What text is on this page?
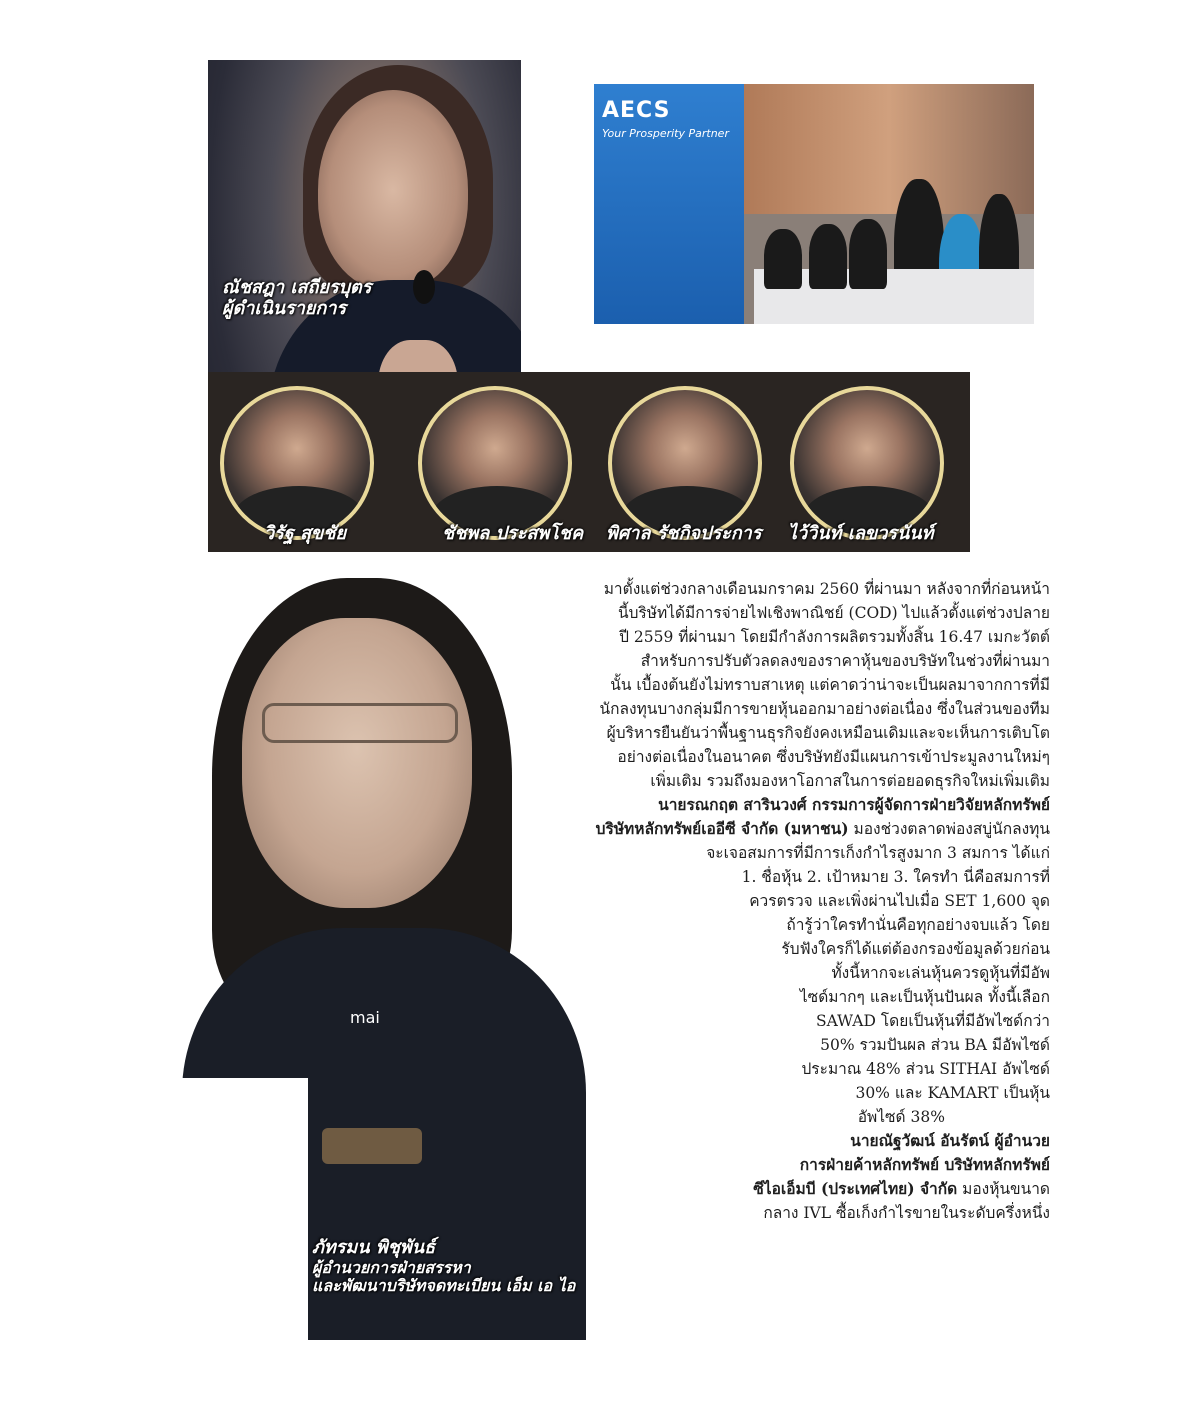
ณัชสฎา เสถียรบุตร
ผู้ดำเนินรายการ
AECS
Your Prosperity Partner
วิรัฐ สุขชัย	ชัชพล ประสพโชค พิศาล รัชกิจประการ ไว้วินท์ เลขวรนันท์
mai
ภัทรมน พิชุพันธ์
ผู้อำนวยการฝ่ายสรรหา
และพัฒนาบริษัทจดทะเบียน เอ็ม เอ ไอ
มาตั้งแต่ช่วงกลางเดือนมกราคม 2560 ที่ผ่านมา หลังจากที่ก่อนหน้า
นี้บริษัทได้มีการจ่ายไฟเชิงพาณิชย์ (COD) ไปแล้วตั้งแต่ช่วงปลาย
ปี 2559 ที่ผ่านมา โดยมีกำลังการผลิตรวมทั้งสิ้น 16.47 เมกะวัตต์
สำหรับการปรับตัวลดลงของราคาหุ้นของบริษัทในช่วงที่ผ่านมา
นั้น เบื้องต้นยังไม่ทราบสาเหตุ แต่คาดว่าน่าจะเป็นผลมาจากการที่มี
นักลงทุนบางกลุ่มมีการขายหุ้นออกมาอย่างต่อเนื่อง ซึ่งในส่วนของทีม
ผู้บริหารยืนยันว่าพื้นฐานธุรกิจยังคงเหมือนเดิมและจะเห็นการเติบโต
อย่างต่อเนื่องในอนาคต ซึ่งบริษัทยังมีแผนการเข้าประมูลงานใหม่ๆ
เพิ่มเติม รวมถึงมองหาโอกาสในการต่อยอดธุรกิจใหม่เพิ่มเติม
นายรณกฤต สารินวงศ์ กรรมการผู้จัดการฝ่ายวิจัยหลักทรัพย์
บริษัทหลักทรัพย์เออีซี จำกัด (มหาชน) มองช่วงตลาดพ่องสบู่นักลงทุน
จะเจอสมการที่มีการเก็งกำไรสูงมาก 3 สมการ ได้แก่
1. ชื่อหุ้น 2. เป้าหมาย 3. ใครทำ นี่คือสมการที่
ควรตรวจ และเพิ่งผ่านไปเมื่อ SET 1,600 จุด
ถ้ารู้ว่าใครทำนั่นคือทุกอย่างจบแล้ว โดย
รับฟังใครก็ได้แต่ต้องกรองข้อมูลด้วยก่อน
ทั้งนี้หากจะเล่นหุ้นควรดูหุ้นที่มีอัพ
ไซด์มากๆ และเป็นหุ้นปันผล ทั้งนี้เลือก
SAWAD โดยเป็นหุ้นที่มีอัพไซด์กว่า
50% รวมปันผล ส่วน BA มีอัพไซด์
ประมาณ 48% ส่วน SITHAI อัพไซด์
30% และ KAMART เป็นหุ้น
อัพไซด์ 38%
นายณัฐวัฒน์ อันรัตน์ ผู้อำนวย
การฝ่ายค้าหลักทรัพย์ บริษัทหลักทรัพย์
ซีไอเอ็มบี (ประเทศไทย) จำกัด มองหุ้นขนาด
กลาง IVL ซื้อเก็งกำไรขายในระดับครึ่งหนึ่ง
